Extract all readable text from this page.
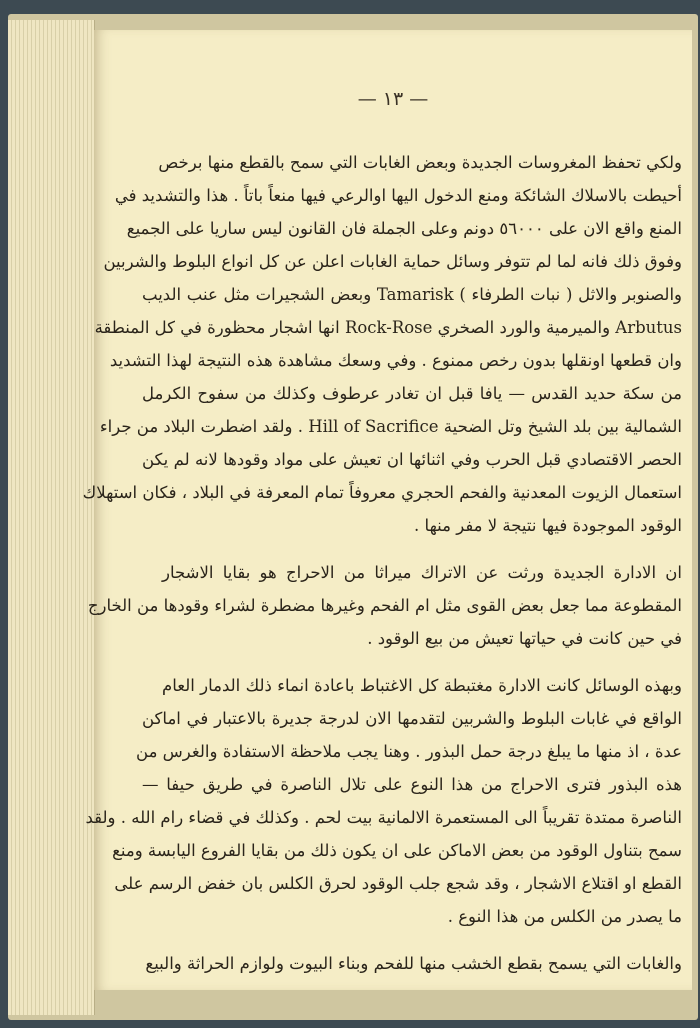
— ١٣ —
ولكي تحفظ المغروسات الجديدة وبعض الغابات التي سمح بالقطع منها برخص
أحيطت بالاسلاك الشائكة ومنع الدخول اليها اوالرعي فيها منعاً باتاً . هذا والتشديد في
المنع واقع الان على ٥٦٠٠٠ دونم وعلى الجملة فان القانون ليس ساريا على الجميع
وفوق ذلك فانه لما لم تتوفر وسائل حماية الغابات اعلن عن كل انواع البلوط والشربين
والصنوبر والاثل ( نبات الطرفاء ) Tamarisk وبعض الشجيرات مثل عنب الديب
Arbutus والميرمية والورد الصخري Rock-Rose انها اشجار محظورة في كل المنطقة
وان قطعها اونقلها بدون رخص ممنوع . وفي وسعك مشاهدة هذه النتيجة لهذا التشديد
من سكة حديد القدس — يافا قبل ان تغادر عرطوف وكذلك من سفوح الكرمل
الشمالية بين بلد الشيخ وتل الضحية Hill of Sacrifice . ولقد اضطرت البلاد من جراء
الحصر الاقتصادي قبل الحرب وفي اثنائها ان تعيش على مواد وقودها لانه لم يكن
استعمال الزيوت المعدنية والفحم الحجري معروفاً تمام المعرفة في البلاد ، فكان استهلاك
الوقود الموجودة فيها نتيجة لا مفر منها .
ان الادارة الجديدة ورثت عن الاتراك ميراثا من الاحراج هو بقايا الاشجار
المقطوعة مما جعل بعض القوى مثل ام الفحم وغيرها مضطرة لشراء وقودها من الخارج
في حين كانت في حياتها تعيش من بيع الوقود .
وبهذه الوسائل كانت الادارة مغتبطة كل الاغتباط باعادة انماء ذلك الدمار العام
الواقع في غابات البلوط والشربين لتقدمها الان لدرجة جديرة بالاعتبار في اماكن
عدة ، اذ منها ما يبلغ درجة حمل البذور . وهنا يجب ملاحظة الاستفادة والغرس من
هذه البذور فترى الاحراج من هذا النوع على تلال الناصرة في طريق حيفا —
الناصرة ممتدة تقريباً الى المستعمرة الالمانية بيت لحم . وكذلك في قضاء رام الله . ولقد
سمح بتناول الوقود من بعض الاماكن على ان يكون ذلك من بقايا الفروع اليابسة ومنع
القطع او اقتلاع الاشجار ، وقد شجع جلب الوقود لحرق الكلس بان خفض الرسم على
ما يصدر من الكلس من هذا النوع .
والغابات التي يسمح بقطع الخشب منها للفحم وبناء البيوت ولوازم الحراثة والبيع
